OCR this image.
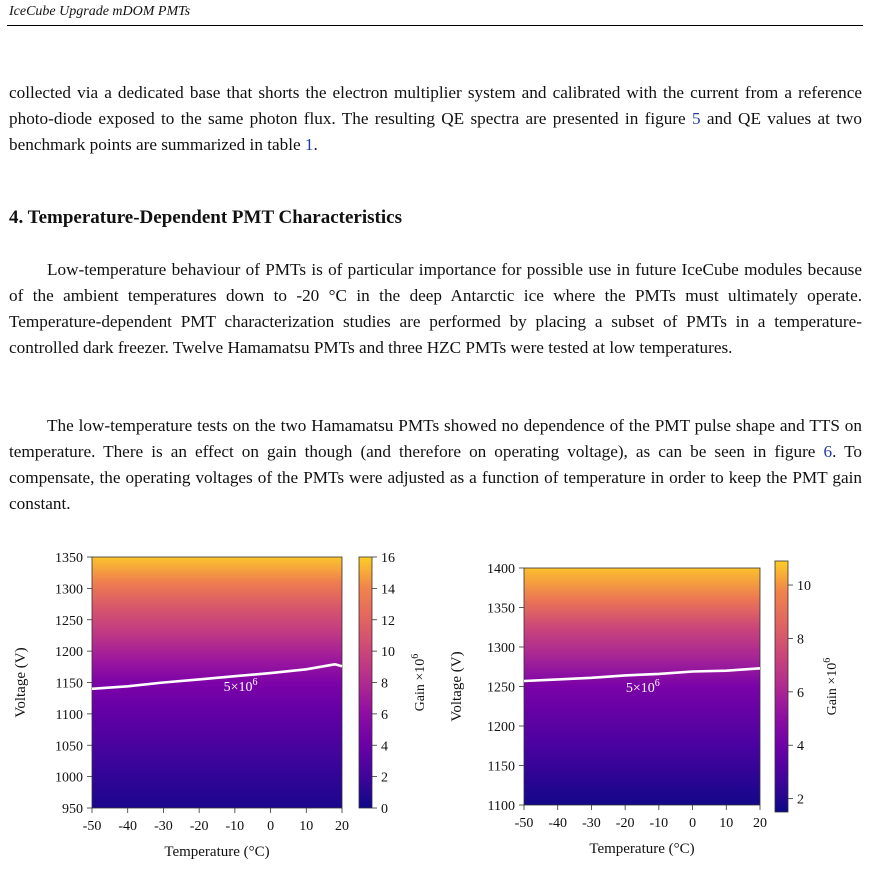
IceCube Upgrade mDOM PMTs

collected via a dedicated base that shorts the electron multiplier system and calibrated with the current from a reference photo-diode exposed to the same photon flux. The resulting QE spectra are presented in figure 5 and QE values at two benchmark points are summarized in table 1.

4. Temperature-Dependent PMT Characteristics

Low-temperature behaviour of PMTs is of particular importance for possible use in future IceCube modules because of the ambient temperatures down to -20 °C in the deep Antarctic ice where the PMTs must ultimately operate. Temperature-dependent PMT characterization studies are performed by placing a subset of PMTs in a temperature-controlled dark freezer. Twelve Hamamatsu PMTs and three HZC PMTs were tested at low temperatures.

The low-temperature tests on the two Hamamatsu PMTs showed no dependence of the PMT pulse shape and TTS on temperature. There is an effect on gain though (and therefore on operating voltage), as can be seen in figure 6. To compensate, the operating voltages of the PMTs were adjusted as a function of temperature in order to keep the PMT gain constant.

$5\times 10^6$
-50 -40 -30 -20 -10 0 10 20
950
1000
1050
1100
1150
1200
1250
1300
1350
Temperature (°C)
Voltage (V)
0
2
4
6
8
10
12
14
16
Gain $\times 10^6$
$5\times 10^6$
-50 -40 -30 -20 -10 0 10 20
1100
1150
1200
1250
1300
1350
1400
Temperature (°C)
Voltage (V)
2
4
6
8
10
Gain $\times 10^6$
